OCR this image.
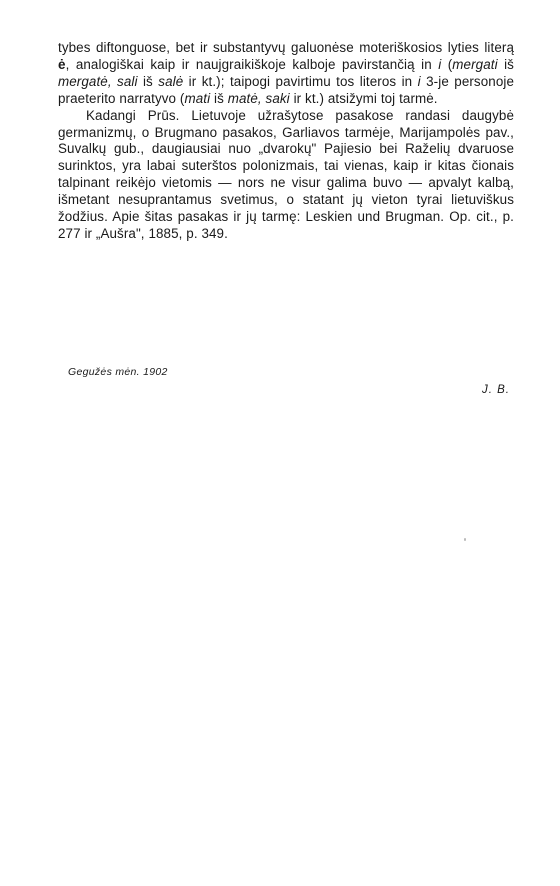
tybes diftonguose, bet ir substantyvų galuonėse moteriškosios lyties literą ė, analogiškai kaip ir naujgraikiškoje kalboje pavirstančią in i (mergati iš mergatė, sali iš salė ir kt.); taipogi pavirtimu tos literos in i 3-je personoje praeterito narratyvo (mati iš matė, saki ir kt.) atsižymi toj tarmė.

Kadangi Prūs. Lietuvoje užrašytose pasakose randasi daugybė germanizmų, o Brugmano pasakos, Garliavos tarmėje, Marijampolės pav., Suvalkų gub., daugiausiai nuo „dvarokų" Pajiesio bei Raželių dvaruose surinktos, yra labai suterštos polonizmais, tai vienas, kaip ir kitas čionais talpinant reikėjo vietomis — nors ne visur galima buvo — apvalyt kalbą, išmetant nesuprantamus svetimus, o statant jų vieton tyrai lietuviškus žodžius. Apie šitas pasakas ir jų tarmę: Leskien und Brugman. Op. cit., p. 277 ir „Aušra", 1885, p. 349.

Gegužės mėn. 1902
J. B.
